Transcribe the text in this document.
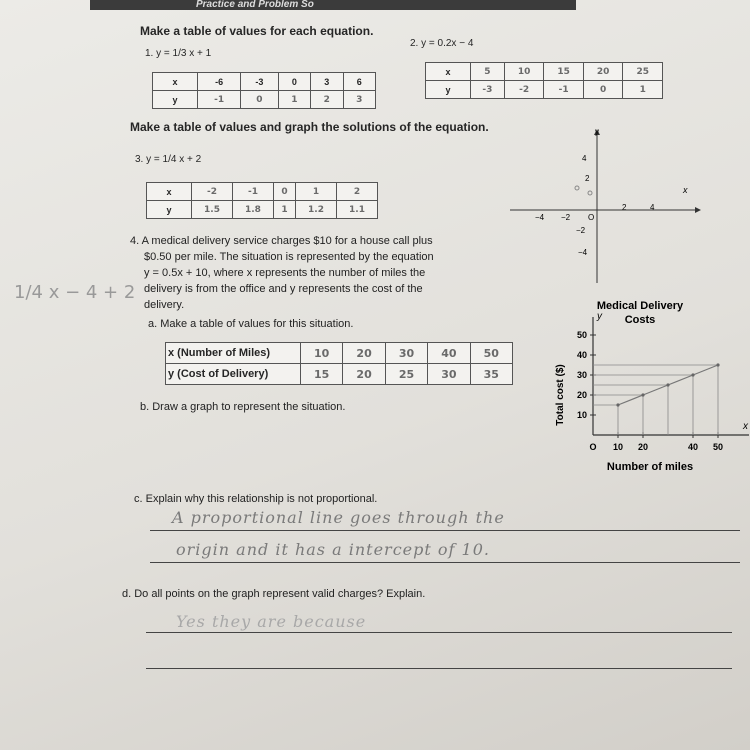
Practice and Problem So
Make a table of values for each equation.
1. y = 1/3 x + 1
x	-6	-3	0	3	6
y	-1	0	1	2	3
2. y = 0.2x − 4
x	5	10	15	20	25
y	-3	-2	-1	0	1
Make a table of values and graph the solutions of the equation.
3. y = 1/4 x + 2
x	-2	-1	0	1	2
y	1.5	1.8	1	1.2	1.1
y
x
−4 −2 O
2	4
4
2
−2
−4
4. A medical delivery service charges $10 for a house call plus
$0.50 per mile. The situation is represented by the equation
y = 0.5x + 10, where x represents the number of miles the
delivery is from the office and y represents the cost of the
delivery.
a. Make a table of values for this situation.
x (Number of Miles)	10	20	30	40	50
y (Cost of Delivery)	15	20	25	30	35
b. Draw a graph to represent the situation.
Medical Delivery
Costs
Number of miles
Total cost ($)
x
y
10
20
30
40
50
O 10 20	40 50
c. Explain why this relationship is not proportional.
A proportional line goes through the
origin and it has a intercept of 10.
d. Do all points on the graph represent valid charges? Explain.
Yes they are because
1/4 x − 4 + 2
